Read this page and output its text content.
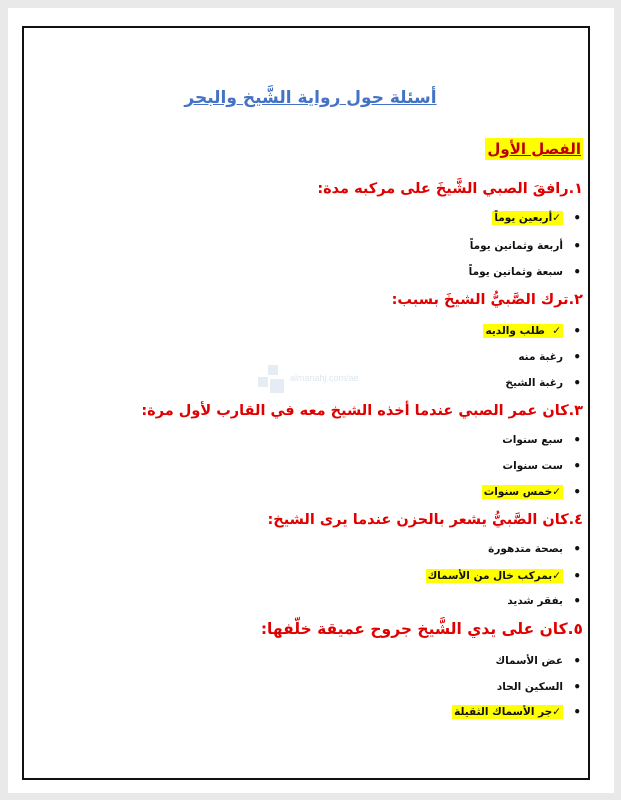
almanahj.com/ae
أسئلة حول رواية الشَّيخ والبحر
الفصل الأول
١.رافقَ الصبي الشَّيخَ على مركبه مدة:
•
✓أربعين يوماً
•
أربعة وثمانين يوماً
•
سبعة وثمانين يوماً
٢.ترك الصَّبيُّ الشيخَ بسبب:
•
✓  طلب والديه
•
رغبة منه
•
رغبة الشيخ
٣.كان عمر الصبي عندما أخذه الشيخ معه في القارب لأول مرة:
•
سبع سنوات
•
ست سنوات
•
✓خمس سنوات
٤.كان الصَّبيُّ يشعر بالحزن عندما يرى الشيخ:
•
بصحة متدهورة
•
✓بمركب خال من الأسماك
•
بفقر شديد
٥.كان على يدي الشَّيخ جروح عميقة خلّفها:
•
عض الأسماك
•
السكين الحاد
•
✓جر الأسماك الثقيلة
